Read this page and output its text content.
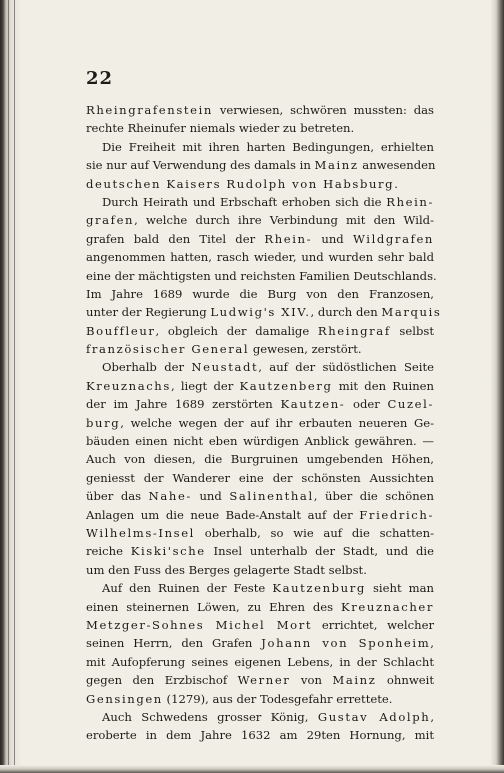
22
Rheingrafenstein verwiesen, schwören mussten: das
rechte Rheinufer niemals wieder zu betreten.
Die Freiheit mit ihren harten Bedingungen, erhielten
sie nur auf Verwendung des damals in Mainz anwesenden
deutschen Kaisers Rudolph von Habsburg.
Durch Heirath und Erbschaft erhoben sich die Rhein-
grafen, welche durch ihre Verbindung mit den Wild-
grafen bald den Titel der Rhein- und Wildgrafen
angenommen hatten, rasch wieder, und wurden sehr bald
eine der mächtigsten und reichsten Familien Deutschlands.
Im Jahre 1689 wurde die Burg von den Franzosen,
unter der Regierung Ludwig's XIV., durch den Marquis
Boufflеur, obgleich der damalige Rheingraf selbst
französischer General gewesen, zerstört.
Oberhalb der Neustadt, auf der südöstlichen Seite
Kreuznachs, liegt der Kautzenberg mit den Ruinen
der im Jahre 1689 zerstörten Kautzen- oder Cuzel-
burg, welche wegen der auf ihr erbauten neueren Ge-
bäuden einen nicht eben würdigen Anblick gewähren. —
Auch von diesen, die Burgruinen umgebenden Höhen,
geniesst der Wanderer eine der schönsten Aussichten
über das Nahe- und Salinenthal, über die schönen
Anlagen um die neue Bade-Anstalt auf der Friedrich-
Wilhelms-Insel oberhalb, so wie auf die schatten-
reiche Kiski'sche Insel unterhalb der Stadt, und die
um den Fuss des Berges gelagerte Stadt selbst.
Auf den Ruinen der Feste Kautzenburg sieht man
einen steinernen Löwen, zu Ehren des Kreuznacher
Metzger-Sohnes Michel Mort errichtet, welcher
seinen Herrn, den Grafen Johann von Sponheim,
mit Aufopferung seines eigenen Lebens, in der Schlacht
gegen den Erzbischof Werner von Mainz ohnweit
Gensingen (1279), aus der Todesgefahr errettete.
Auch Schwedens grosser König, Gustav Adolph,
eroberte in dem Jahre 1632 am 29ten Hornung, mit
